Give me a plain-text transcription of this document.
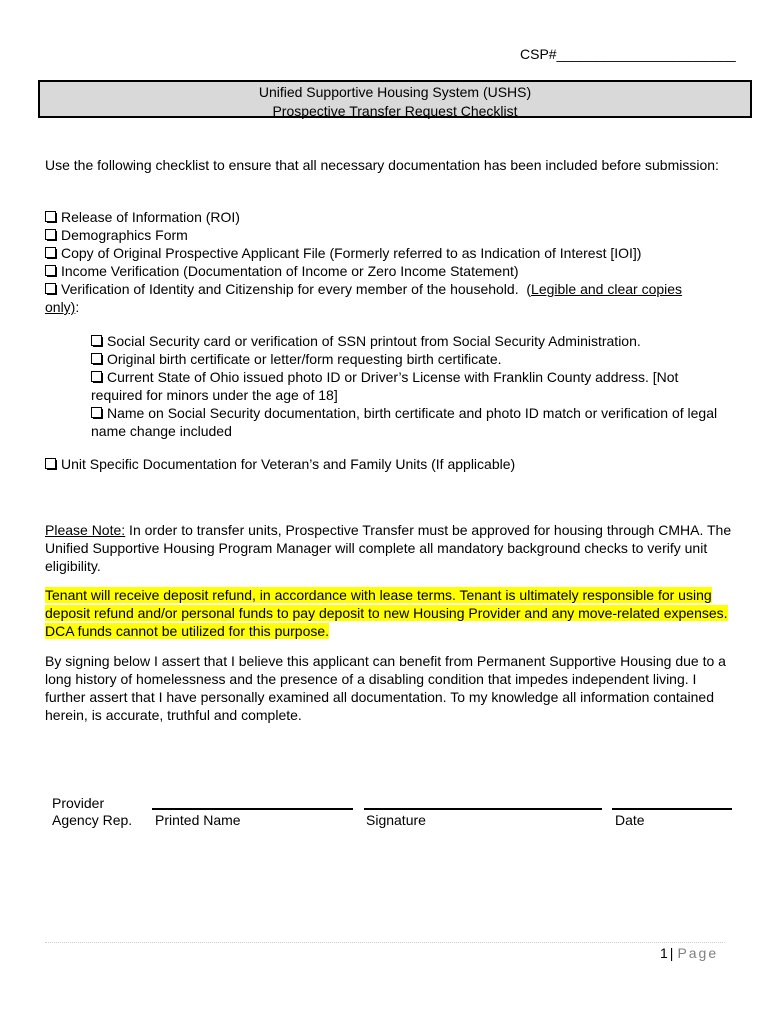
CSP#_______________________
Unified Supportive Housing System (USHS)
Prospective Transfer Request Checklist
Use the following checklist to ensure that all necessary documentation has been included before submission:
Release of Information (ROI)
Demographics Form
Copy of Original Prospective Applicant File (Formerly referred to as Indication of Interest [IOI])
Income Verification (Documentation of Income or Zero Income Statement)
Verification of Identity and Citizenship for every member of the household. (Legible and clear copies
only):
Social Security card or verification of SSN printout from Social Security Administration.
Original birth certificate or letter/form requesting birth certificate.
Current State of Ohio issued photo ID or Driver’s License with Franklin County address. [Not required for minors under the age of 18]
Name on Social Security documentation, birth certificate and photo ID match or verification of legal name change included
Unit Specific Documentation for Veteran’s and Family Units (If applicable)
Please Note: In order to transfer units, Prospective Transfer must be approved for housing through CMHA. The Unified Supportive Housing Program Manager will complete all mandatory background checks to verify unit eligibility.
Tenant will receive deposit refund, in accordance with lease terms. Tenant is ultimately responsible for using deposit refund and/or personal funds to pay deposit to new Housing Provider and any move-related expenses. DCA funds cannot be utilized for this purpose.
By signing below I assert that I believe this applicant can benefit from Permanent Supportive Housing due to a long history of homelessness and the presence of a disabling condition that impedes independent living. I further assert that I have personally examined all documentation. To my knowledge all information contained herein, is accurate, truthful and complete.
Provider
Agency Rep. Printed Name	Signature	Date
1 | Page
